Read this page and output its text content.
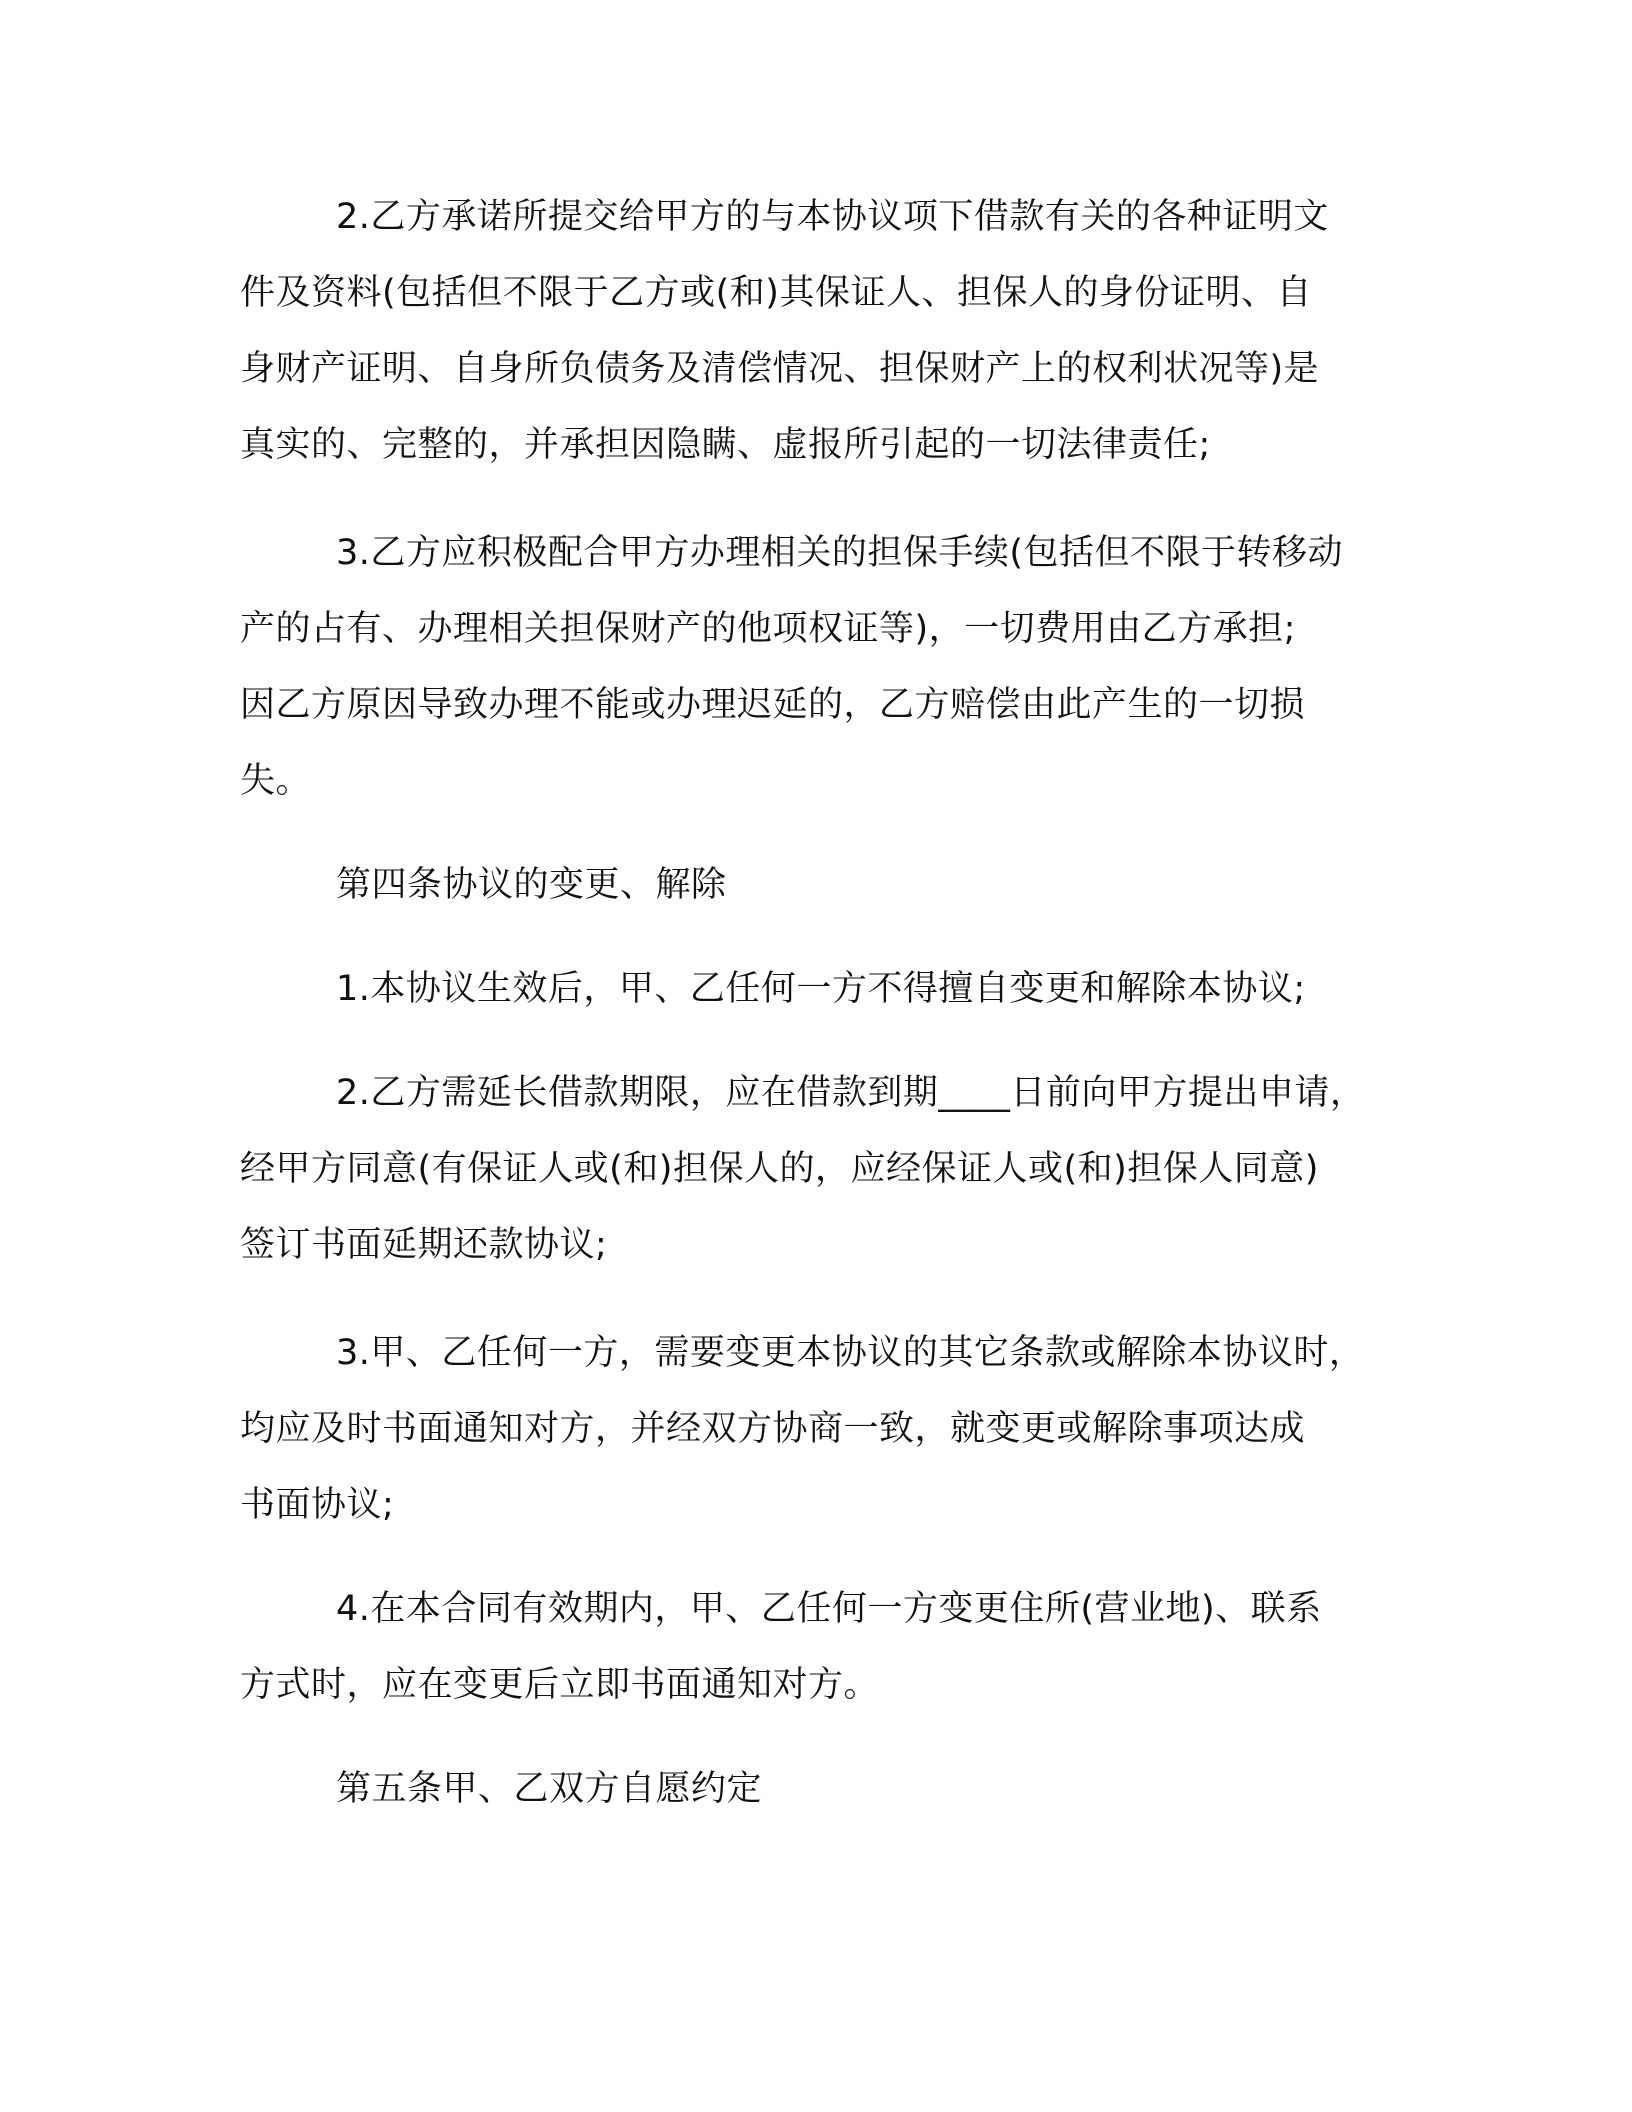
2.乙方承诺所提交给甲方的与本协议项下借款有关的各种证明文
件及资料(包括但不限于乙方或(和)其保证人、担保人的身份证明、自
身财产证明、自身所负债务及清偿情况、担保财产上的权利状况等)是
真实的、完整的，并承担因隐瞒、虚报所引起的一切法律责任;
3.乙方应积极配合甲方办理相关的担保手续(包括但不限于转移动
产的占有、办理相关担保财产的他项权证等)，一切费用由乙方承担;
因乙方原因导致办理不能或办理迟延的，乙方赔偿由此产生的一切损
失。
第四条协议的变更、解除
1.本协议生效后，甲、乙任何一方不得擅自变更和解除本协议;
2.乙方需延长借款期限，应在借款到期____日前向甲方提出申请，
经甲方同意(有保证人或(和)担保人的，应经保证人或(和)担保人同意)
签订书面延期还款协议;
3.甲、乙任何一方，需要变更本协议的其它条款或解除本协议时，
均应及时书面通知对方，并经双方协商一致，就变更或解除事项达成
书面协议;
4.在本合同有效期内，甲、乙任何一方变更住所(营业地)、联系
方式时，应在变更后立即书面通知对方。
第五条甲、乙双方自愿约定
